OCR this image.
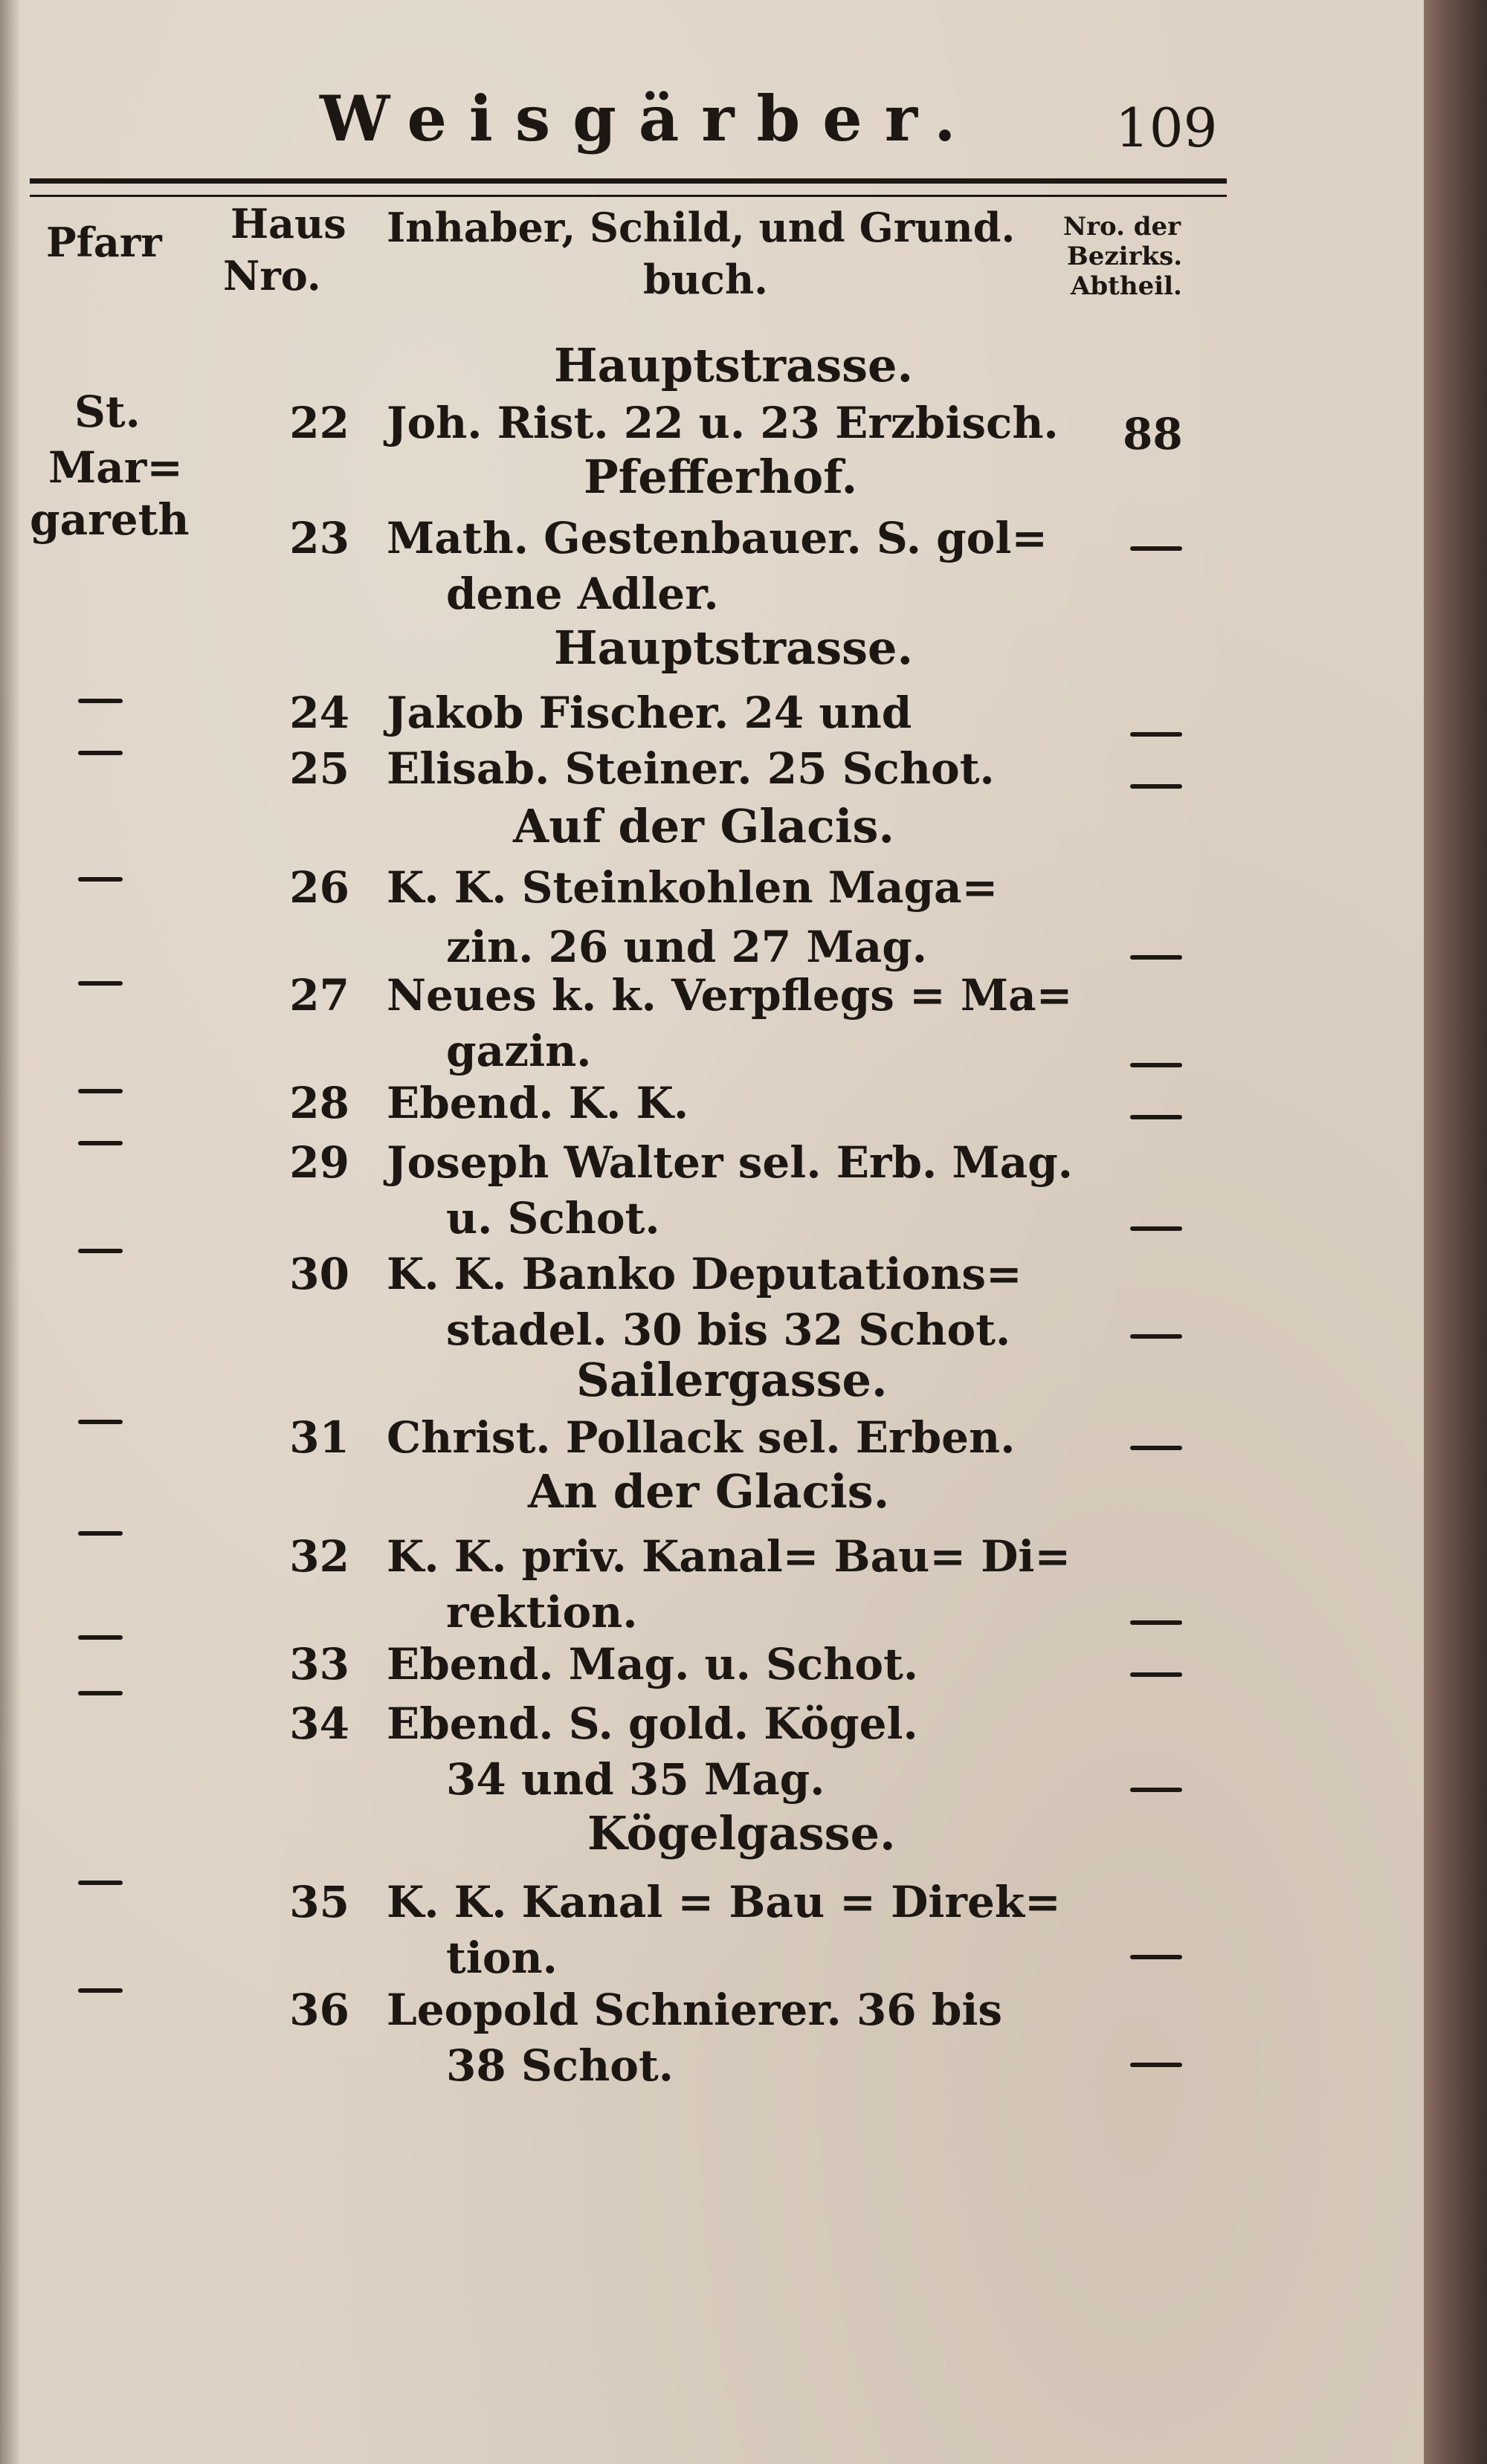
Weisgärber.	109
Pfarr Haus
Nro.
Inhaber, Schild, und Grund.
buch.
Nro. der
Bezirks.
Abtheil.
St.
Mar=
gareth
Hauptstrasse.
Pfefferhof.
Hauptstrasse.
Auf der Glacis.
Sailergasse.
An der Glacis.
Kögelgasse.
22 Joh. Rist. 22 u. 23 Erzbisch. 88
23 Math. Gestenbauer. S. gol=
dene Adler.
24 Jakob Fischer. 24 und
25 Elisab. Steiner. 25 Schot.
26 K. K. Steinkohlen Maga=
zin. 26 und 27 Mag.
27 Neues k. k. Verpflegs = Ma=
gazin.
28 Ebend. K. K.
29 Joseph Walter sel. Erb. Mag.
u. Schot.
30 K. K. Banko Deputations=
stadel. 30 bis 32 Schot.
31 Christ. Pollack sel. Erben.
32 K. K. priv. Kanal= Bau= Di=
rektion.
33 Ebend. Mag. u. Schot.
34 Ebend. S. gold. Kögel.
34 und 35 Mag.
35 K. K. Kanal = Bau = Direk=
tion.
36 Leopold Schnierer. 36 bis
38 Schot.
